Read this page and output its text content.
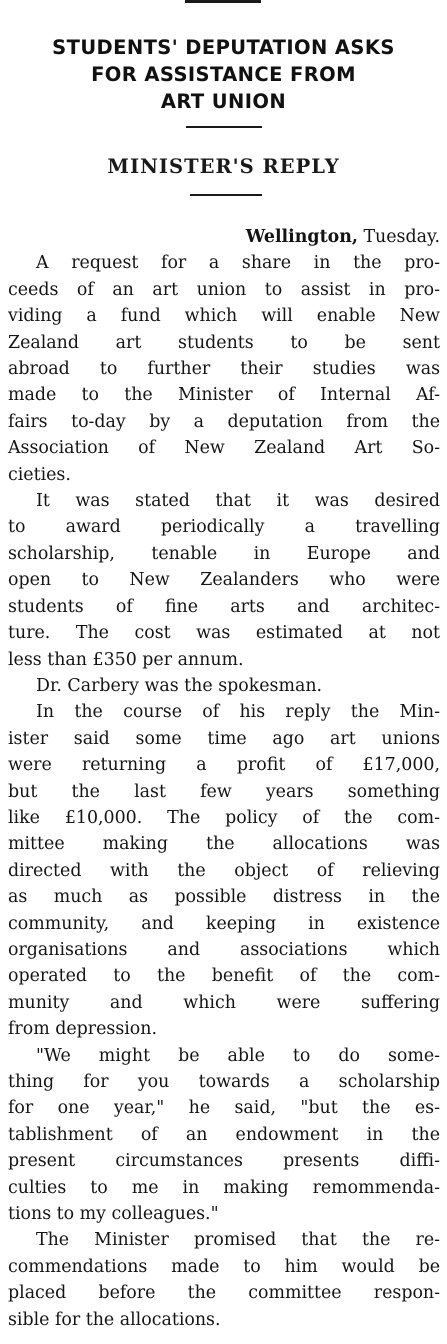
STUDENTS' DEPUTATION ASKS
FOR ASSISTANCE FROM
ART UNION
MINISTER'S REPLY

Wellington, Tuesday.

A request for a share in the pro-
ceeds of an art union to assist in pro-
viding a fund which will enable New
Zealand art students to be sent
abroad to further their studies was
made to the Minister of Internal Af-
fairs to-day by a deputation from the
Association of New Zealand Art So-
cieties.

It was stated that it was desired
to award periodically a travelling
scholarship, tenable in Europe and
open to New Zealanders who were
students of fine arts and architec-
ture. The cost was estimated at not
less than £350 per annum.

Dr. Carbery was the spokesman.

In the course of his reply the Min-
ister said some time ago art unions
were returning a profit of £17,000,
but the last few years something
like £10,000. The policy of the com-
mittee making the allocations was
directed with the object of relieving
as much as possible distress in the
community, and keeping in existence
organisations and associations which
operated to the benefit of the com-
munity and which were suffering
from depression.

"We might be able to do some-
thing for you towards a scholarship
for one year," he said, "but the es-
tablishment of an endowment in the
present circumstances presents diffi-
culties to me in making remommenda-
tions to my colleagues."

The Minister promised that the re-
commendations made to him would be
placed before the committee respon-
sible for the allocations.
